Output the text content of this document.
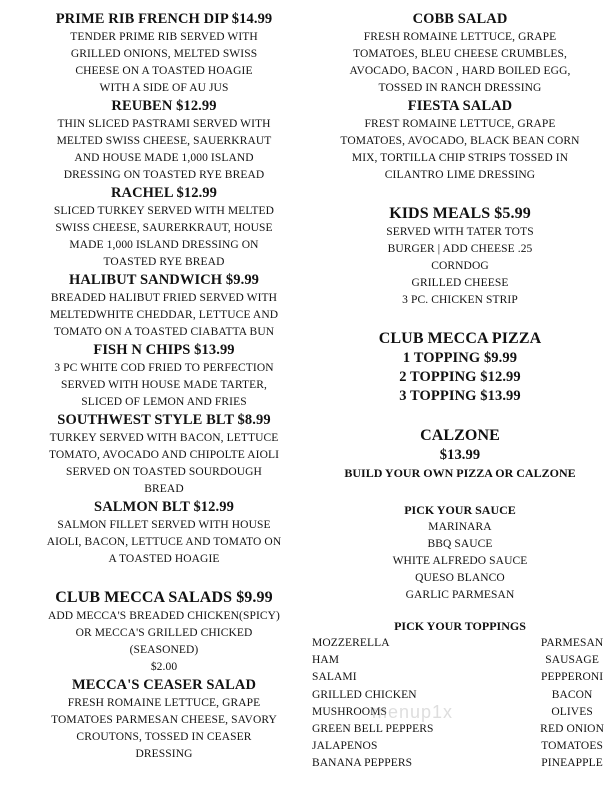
PRIME RIB FRENCH DIP $14.99
TENDER PRIME RIB SERVED WITH
GRILLED ONIONS, MELTED SWISS
CHEESE ON A TOASTED HOAGIE
WITH A SIDE OF AU JUS
REUBEN $12.99
THIN SLICED PASTRAMI SERVED WITH
MELTED SWISS CHEESE, SAUERKRAUT
AND HOUSE MADE 1,000 ISLAND
DRESSING ON TOASTED RYE BREAD
RACHEL $12.99
SLICED TURKEY SERVED WITH MELTED
SWISS CHEESE, SAURERKRAUT, HOUSE
MADE 1,000 ISLAND DRESSING ON
TOASTED RYE BREAD
HALIBUT SANDWICH $9.99
BREADED HALIBUT FRIED SERVED WITH
MELTEDWHITE CHEDDAR, LETTUCE AND
TOMATO ON A TOASTED CIABATTA BUN
FISH N CHIPS $13.99
3 PC WHITE COD FRIED TO PERFECTION
SERVED WITH HOUSE MADE TARTER,
SLICED OF LEMON AND FRIES
SOUTHWEST STYLE BLT $8.99
TURKEY SERVED WITH BACON, LETTUCE
TOMATO, AVOCADO AND CHIPOLTE AIOLI
SERVED ON TOASTED SOURDOUGH
BREAD
SALMON BLT $12.99
SALMON FILLET SERVED WITH HOUSE
AIOLI, BACON, LETTUCE AND TOMATO ON
A TOASTED HOAGIE
CLUB MECCA SALADS $9.99
ADD MECCA'S BREADED CHICKEN(SPICY)
OR MECCA'S GRILLED CHICKED
(SEASONED)
$2.00
MECCA'S CEASER SALAD
FRESH ROMAINE LETTUCE, GRAPE
TOMATOES PARMESAN CHEESE, SAVORY
CROUTONS, TOSSED IN CEASER
DRESSING
COBB SALAD
FRESH ROMAINE LETTUCE, GRAPE
TOMATOES, BLEU CHEESE CRUMBLES,
AVOCADO, BACON , HARD BOILED EGG,
TOSSED IN RANCH DRESSING
FIESTA SALAD
FREST ROMAINE LETTUCE, GRAPE
TOMATOES, AVOCADO, BLACK BEAN CORN
MIX, TORTILLA CHIP STRIPS TOSSED IN
CILANTRO LIME DRESSING
KIDS MEALS $5.99
SERVED WITH TATER TOTS
BURGER | ADD CHEESE .25
CORNDOG
GRILLED CHEESE
3 PC. CHICKEN STRIP
CLUB MECCA PIZZA
1 TOPPING $9.99
2 TOPPING $12.99
3 TOPPING $13.99
CALZONE
$13.99
BUILD YOUR OWN PIZZA OR CALZONE
PICK YOUR SAUCE
MARINARA
BBQ SAUCE
WHITE ALFREDO SAUCE
QUESO BLANCO
GARLIC PARMESAN
PICK YOUR TOPPINGS
MOZZERELLA
HAM
SALAMI
GRILLED CHICKEN
MUSHROOMS
GREEN BELL PEPPERS
JALAPENOS
BANANA PEPPERS
PARMESAN
SAUSAGE
PEPPERONI
BACON
OLIVES
RED ONION
TOMATOES
PINEAPPLE
menup1x
